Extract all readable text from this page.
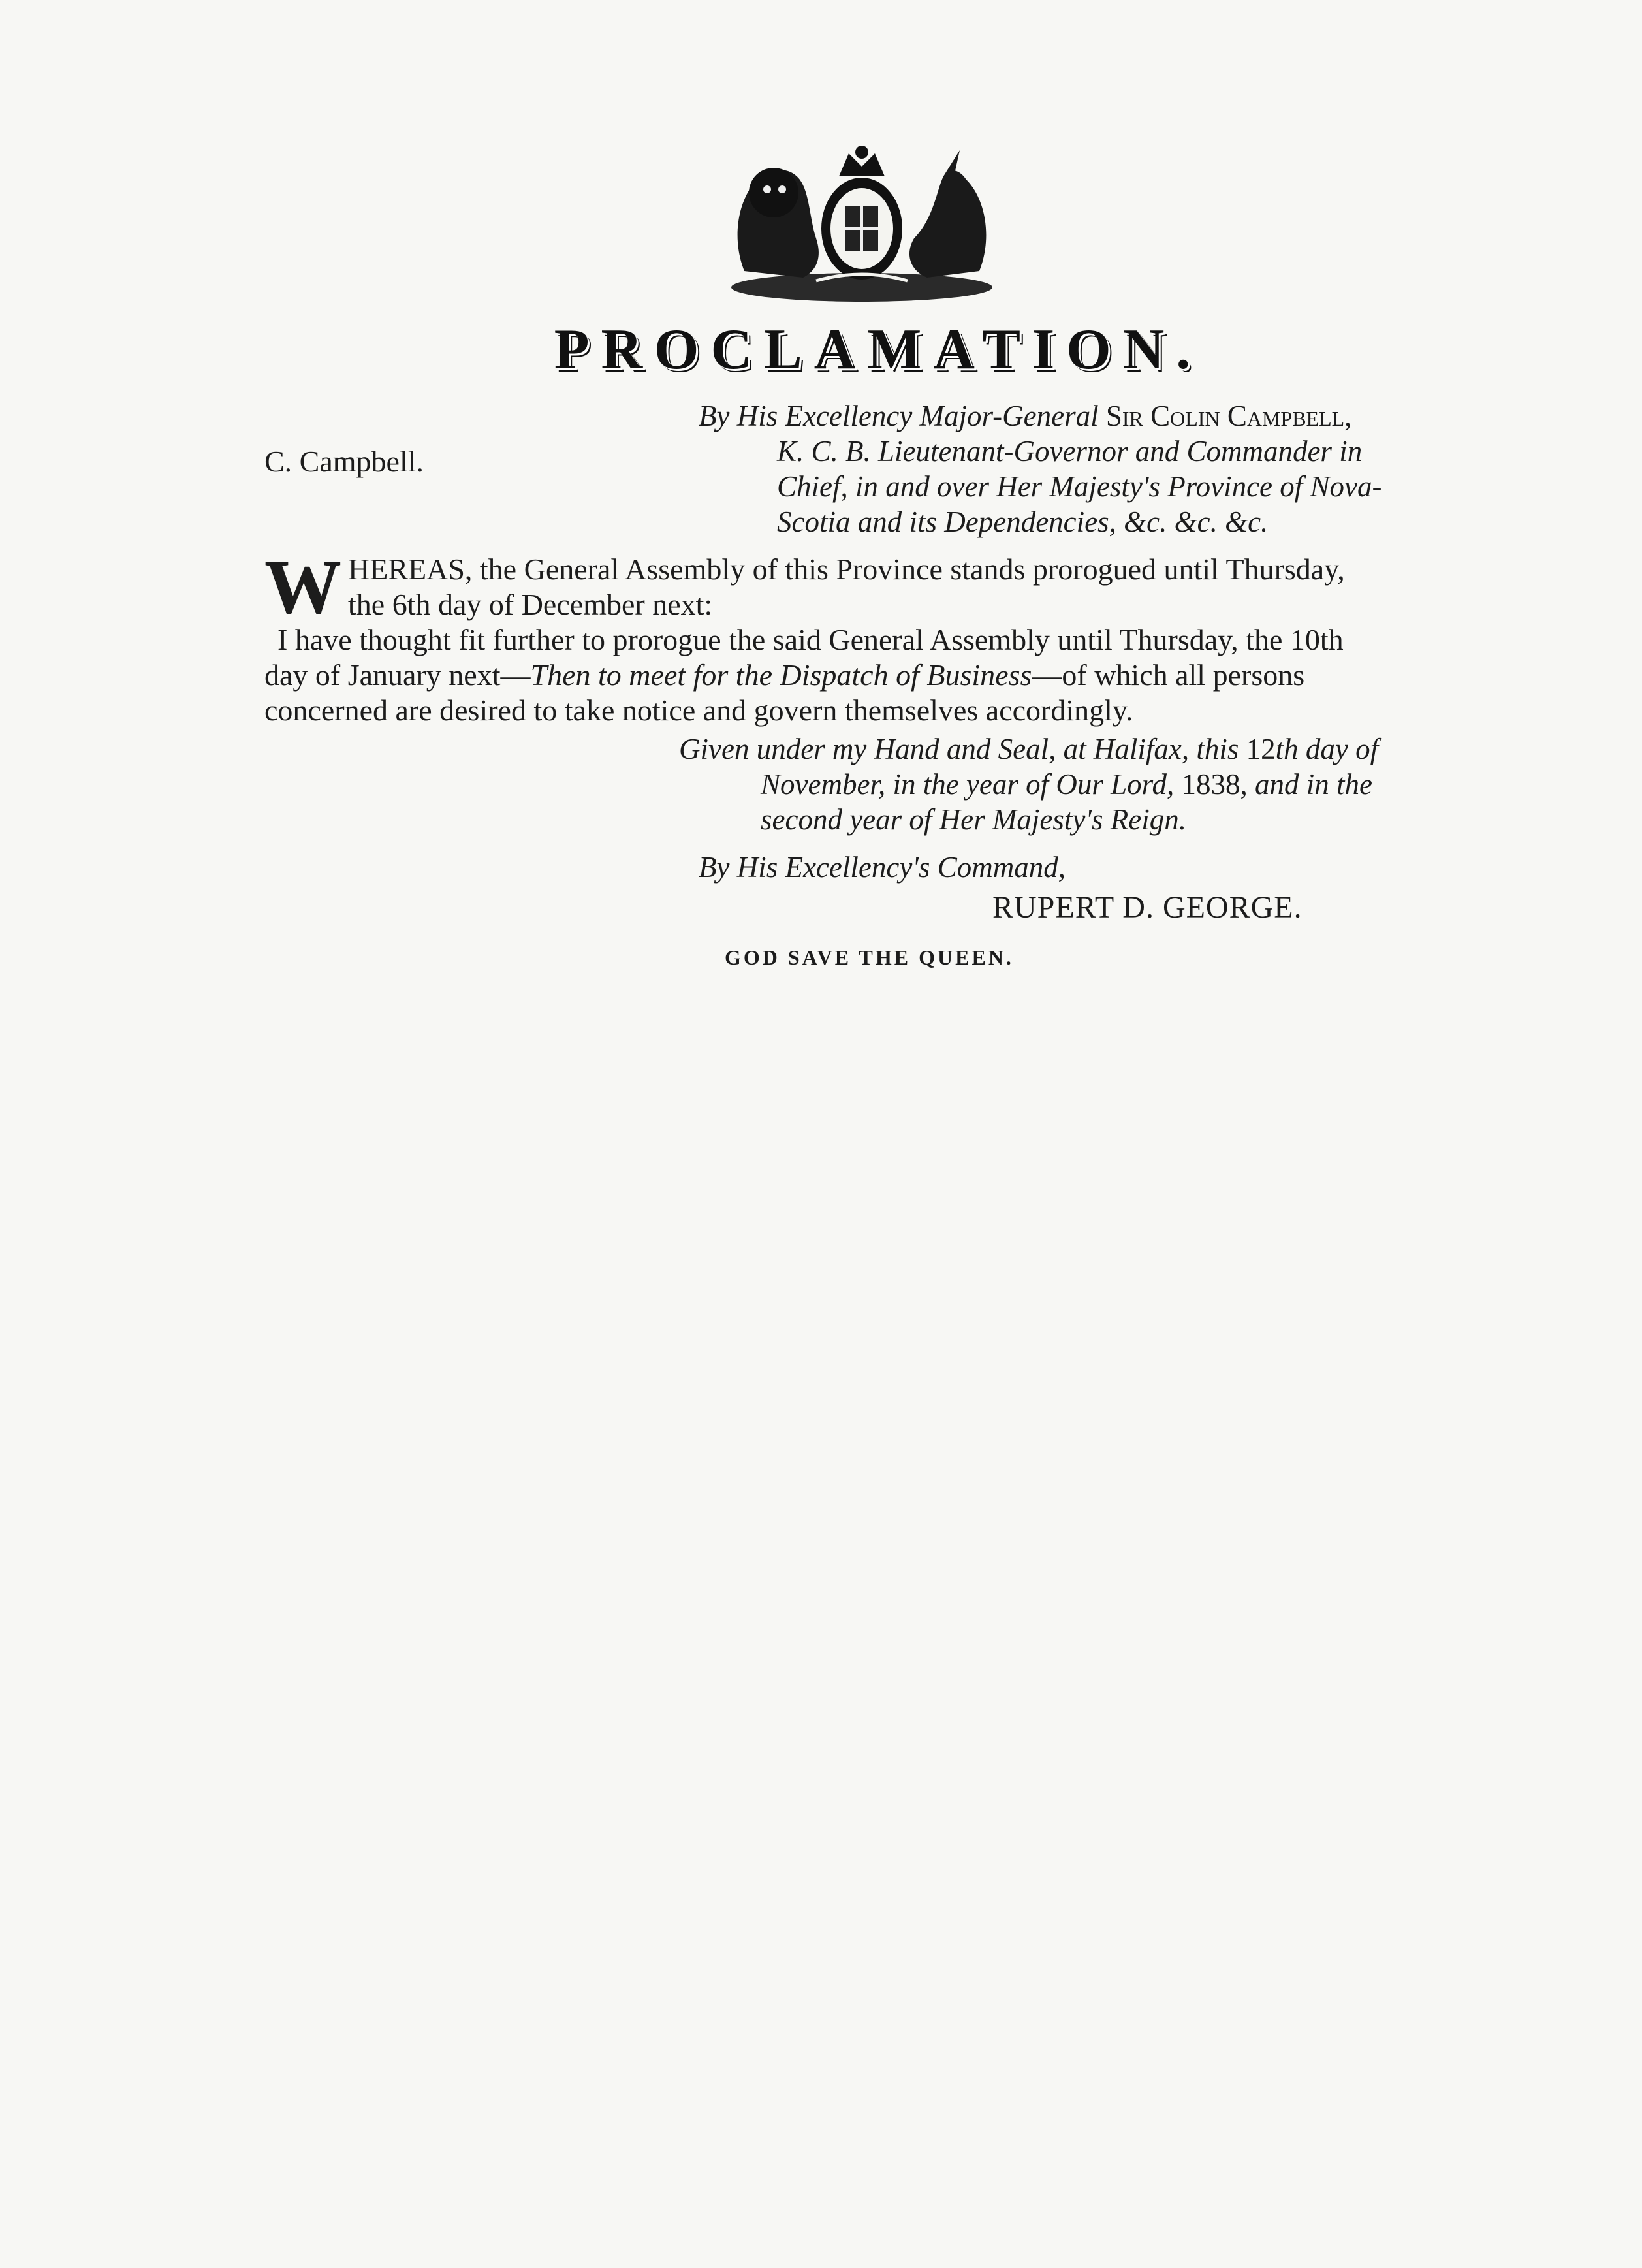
PROCLAMATION.
C. Campbell.
By His Excellency Major-General Sir Colin Campbell,
K. C. B. Lieutenant-Governor and Commander in
Chief, in and over Her Majesty's Province of Nova-
Scotia and its Dependencies, &c. &c. &c.
W HEREAS, the General Assembly of this Province stands prorogued until Thursday,
the 6th day of December next:
I have thought fit further to prorogue the said General Assembly until Thursday, the 10th
day of January next—Then to meet for the Dispatch of Business—of which all persons
concerned are desired to take notice and govern themselves accordingly.
Given under my Hand and Seal, at Halifax, this 12th day of
November, in the year of Our Lord, 1838, and in the
second year of Her Majesty's Reign.
By His Excellency's Command,
RUPERT D. GEORGE.
GOD SAVE THE QUEEN.
